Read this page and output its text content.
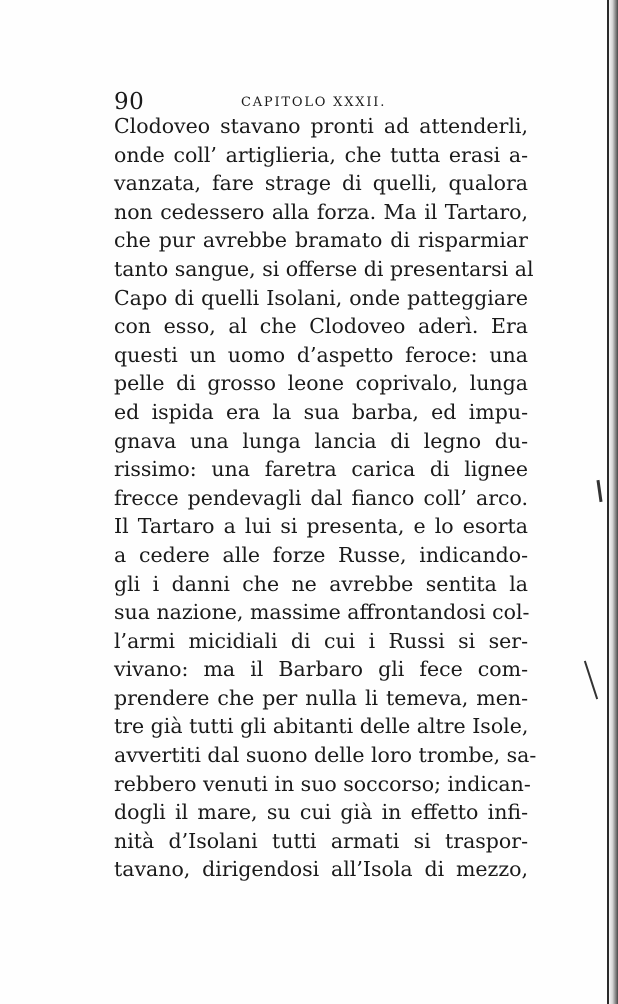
90	CAPITOLO XXXII.
Clodoveo stavano pronti ad attenderli,
onde coll’ artiglieria, che tutta erasi a-
vanzata, fare strage di quelli, qualora
non cedessero alla forza. Ma il Tartaro,
che pur avrebbe bramato di risparmiar
tanto sangue, si offerse di presentarsi al
Capo di quelli Isolani, onde patteggiare
con esso, al che Clodoveo aderì. Era
questi un uomo d’aspetto feroce: una
pelle di grosso leone coprivalo, lunga
ed ispida era la sua barba, ed impu-
gnava una lunga lancia di legno du-
rissimo: una faretra carica di lignee
frecce pendevagli dal fianco coll’ arco.
Il Tartaro a lui si presenta, e lo esorta
a cedere alle forze Russe, indicando-
gli i danni che ne avrebbe sentita la
sua nazione, massime affrontandosi col-
l’armi micidiali di cui i Russi si ser-
vivano: ma il Barbaro gli fece com-
prendere che per nulla li temeva, men-
tre già tutti gli abitanti delle altre Isole,
avvertiti dal suono delle loro trombe, sa-
rebbero venuti in suo soccorso; indican-
dogli il mare, su cui già in effetto infi-
nità d’Isolani tutti armati si traspor-
tavano, dirigendosi all’Isola di mezzo,
